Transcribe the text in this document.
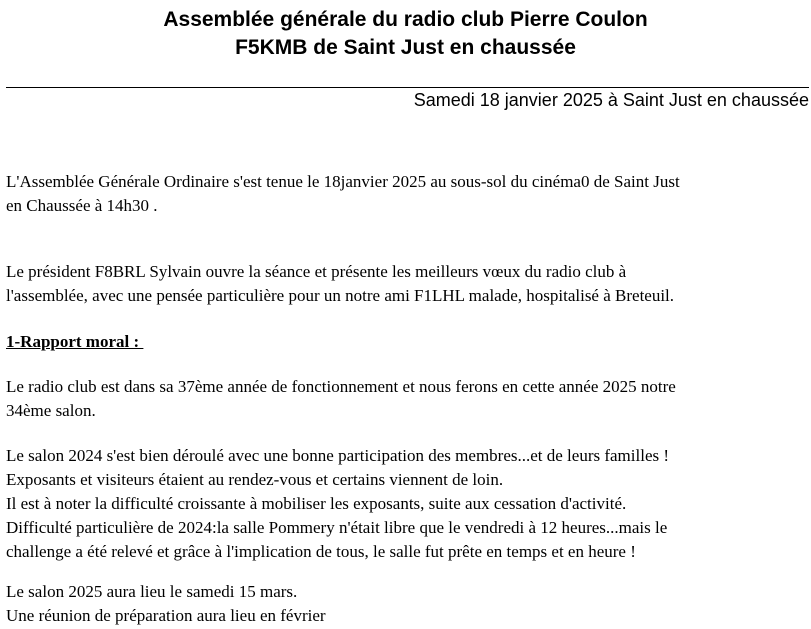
Assemblée générale du radio club Pierre Coulon
F5KMB de Saint Just en chaussée
Samedi 18 janvier 2025 à Saint Just en chaussée
L'Assemblée Générale Ordinaire s'est tenue le 18janvier 2025 au sous-sol du cinéma0 de Saint Just
en Chaussée à 14h30 .
Le président F8BRL Sylvain ouvre la séance et présente les meilleurs vœux du radio club à
l'assemblée, avec une pensée particulière pour un notre ami F1LHL malade, hospitalisé à Breteuil.
1-Rapport moral :
Le radio club est dans sa 37ème année de fonctionnement et nous ferons en cette année 2025 notre
34ème salon.
Le salon 2024 s'est bien déroulé avec une bonne participation des membres...et de leurs familles !
Exposants et visiteurs étaient au rendez-vous et certains viennent de loin.
Il est à noter la difficulté croissante à mobiliser les exposants, suite aux cessation d'activité.
Difficulté particulière de 2024:la salle Pommery n'était libre que le vendredi à 12 heures...mais le
challenge a été relevé et grâce à l'implication de tous, le salle fut prête en temps et en heure !
Le salon 2025 aura lieu le samedi 15 mars.
Une réunion de préparation aura lieu en février
